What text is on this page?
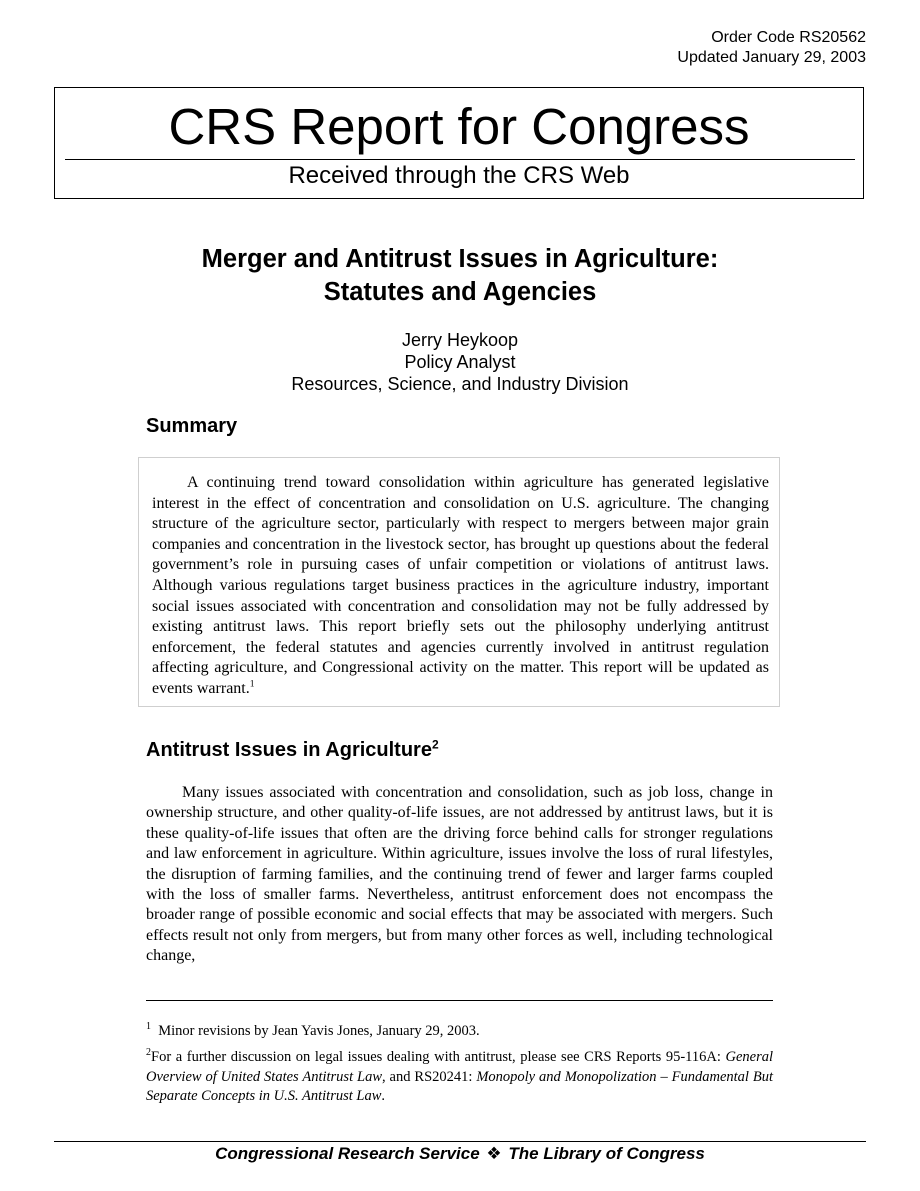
Order Code RS20562
Updated January 29, 2003
CRS Report for Congress
Received through the CRS Web
Merger and Antitrust Issues in Agriculture:
Statutes and Agencies
Jerry Heykoop
Policy Analyst
Resources, Science, and Industry Division
Summary

A continuing trend toward consolidation within agriculture has generated legislative interest in the effect of concentration and consolidation on U.S. agriculture. The changing structure of the agriculture sector, particularly with respect to mergers between major grain companies and concentration in the livestock sector, has brought up questions about the federal government’s role in pursuing cases of unfair competition or violations of antitrust laws. Although various regulations target business practices in the agriculture industry, important social issues associated with concentration and consolidation may not be fully addressed by existing antitrust laws. This report briefly sets out the philosophy underlying antitrust enforcement, the federal statutes and agencies currently involved in antitrust regulation affecting agriculture, and Congressional activity on the matter. This report will be updated as events warrant.$^1$

Antitrust Issues in Agriculture$^2$

Many issues associated with concentration and consolidation, such as job loss, change in ownership structure, and other quality-of-life issues, are not addressed by antitrust laws, but it is these quality-of-life issues that often are the driving force behind calls for stronger regulations and law enforcement in agriculture. Within agriculture, issues involve the loss of rural lifestyles, the disruption of farming families, and the continuing trend of fewer and larger farms coupled with the loss of smaller farms. Nevertheless, antitrust enforcement does not encompass the broader range of possible economic and social effects that may be associated with mergers. Such effects result not only from mergers, but from many other forces as well, including technological change,

$^1$ Minor revisions by Jean Yavis Jones, January 29, 2003.

$^2$For a further discussion on legal issues dealing with antitrust, please see CRS Reports 95-116A: General Overview of United States Antitrust Law, and RS20241: Monopoly and Monopolization – Fundamental But Separate Concepts in U.S. Antitrust Law.

Congressional Research Service ❖ The Library of Congress
